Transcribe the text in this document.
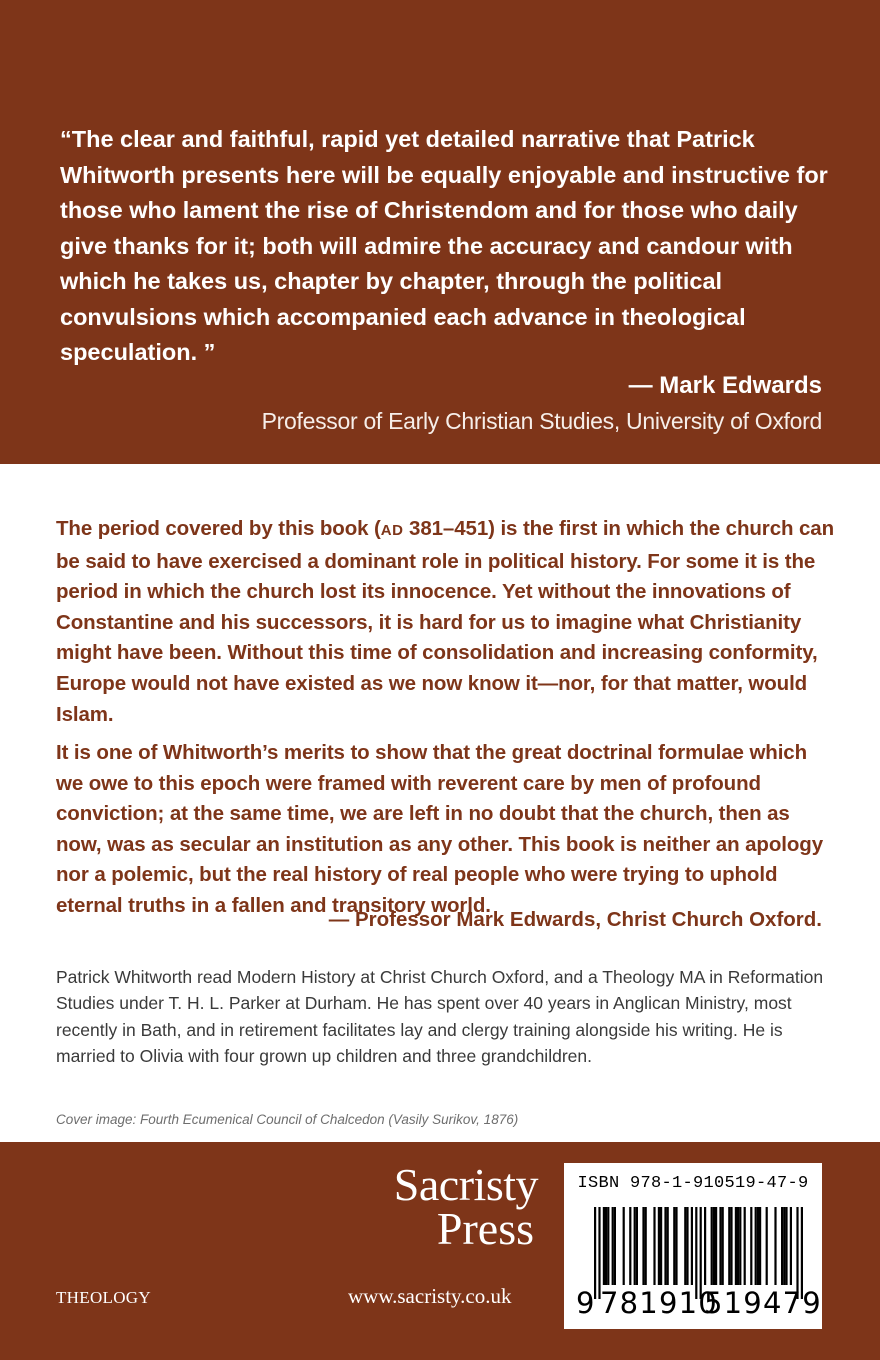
“The clear and faithful, rapid yet detailed narrative that Patrick Whitworth presents here will be equally enjoyable and instructive for those who lament the rise of Christendom and for those who daily give thanks for it; both will admire the accuracy and candour with which he takes us, chapter by chapter, through the political convulsions which accompanied each advance in theological speculation. ”

— Mark Edwards
Professor of Early Christian Studies, University of Oxford

The period covered by this book (AD 381–451) is the first in which the church can be said to have exercised a dominant role in political history. For some it is the period in which the church lost its innocence. Yet without the innovations of Constantine and his successors, it is hard for us to imagine what Christianity might have been. Without this time of consolidation and increasing conformity, Europe would not have existed as we now know it—nor, for that matter, would Islam.

It is one of Whitworth’s merits to show that the great doctrinal formulae which we owe to this epoch were framed with reverent care by men of profound conviction; at the same time, we are left in no doubt that the church, then as now, was as secular an institution as any other. This book is neither an apology nor a polemic, but the real history of real people who were trying to uphold eternal truths in a fallen and transitory world.

— Professor Mark Edwards, Christ Church Oxford.

Patrick Whitworth read Modern History at Christ Church Oxford, and a Theology MA in Reformation Studies under T. H. L. Parker at Durham. He has spent over 40 years in Anglican Ministry, most recently in Bath, and in retirement facilitates lay and clergy training alongside his writing. He is married to Olivia with four grown up children and three grandchildren.

Cover image: Fourth Ecumenical Council of Chalcedon (Vasily Surikov, 1876)
Sacristy
Press
THEOLOGY	www.sacristy.co.uk
ISBN 978-1-910519-47-9
9 781910
519479
